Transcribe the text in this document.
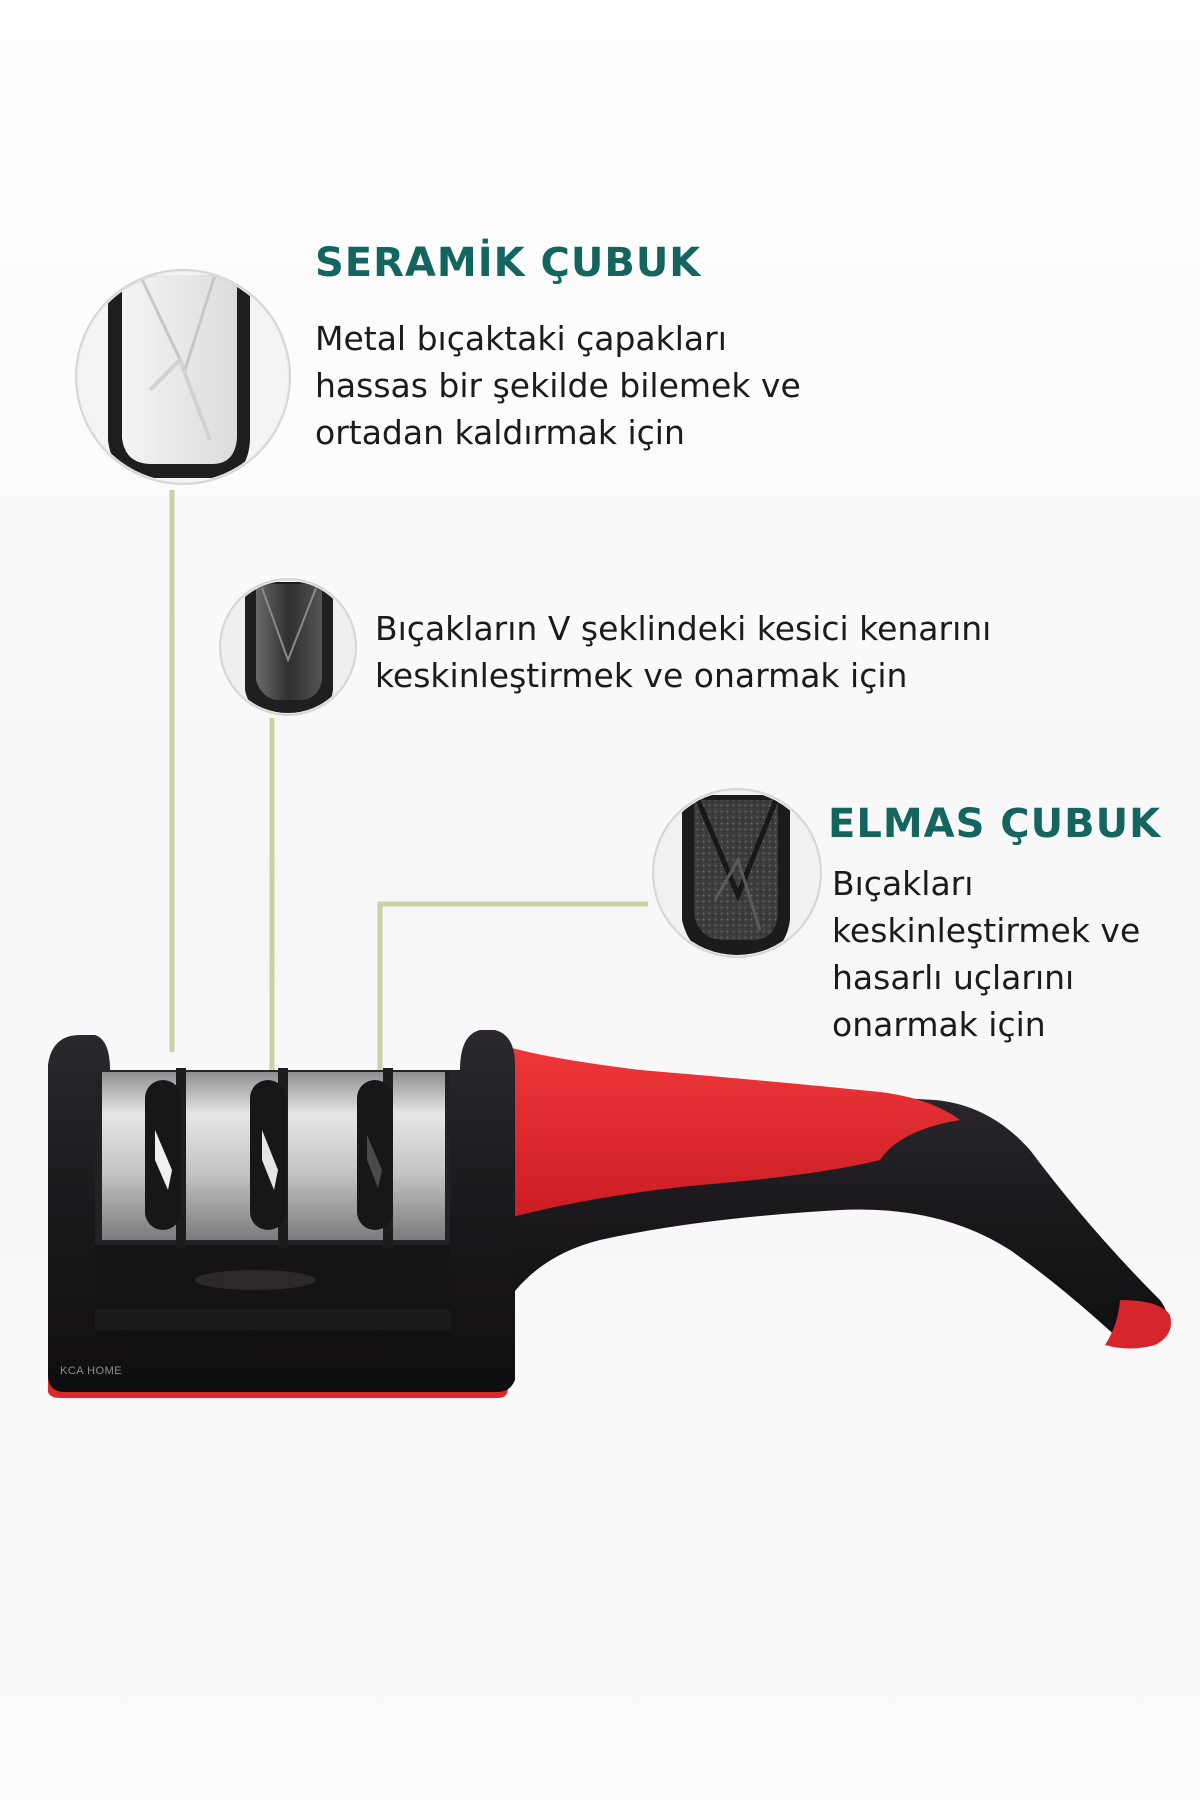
SERAMİK ÇUBUK

Metal bıçaktaki çapakları
hassas bir şekilde bilemek ve
ortadan kaldırmak için

Bıçakların V şeklindeki kesici kenarını
keskinleştirmek ve onarmak için

ELMAS ÇUBUK

Bıçakları
keskinleştirmek ve
hasarlı uçlarını
onarmak için

KCA HOME
